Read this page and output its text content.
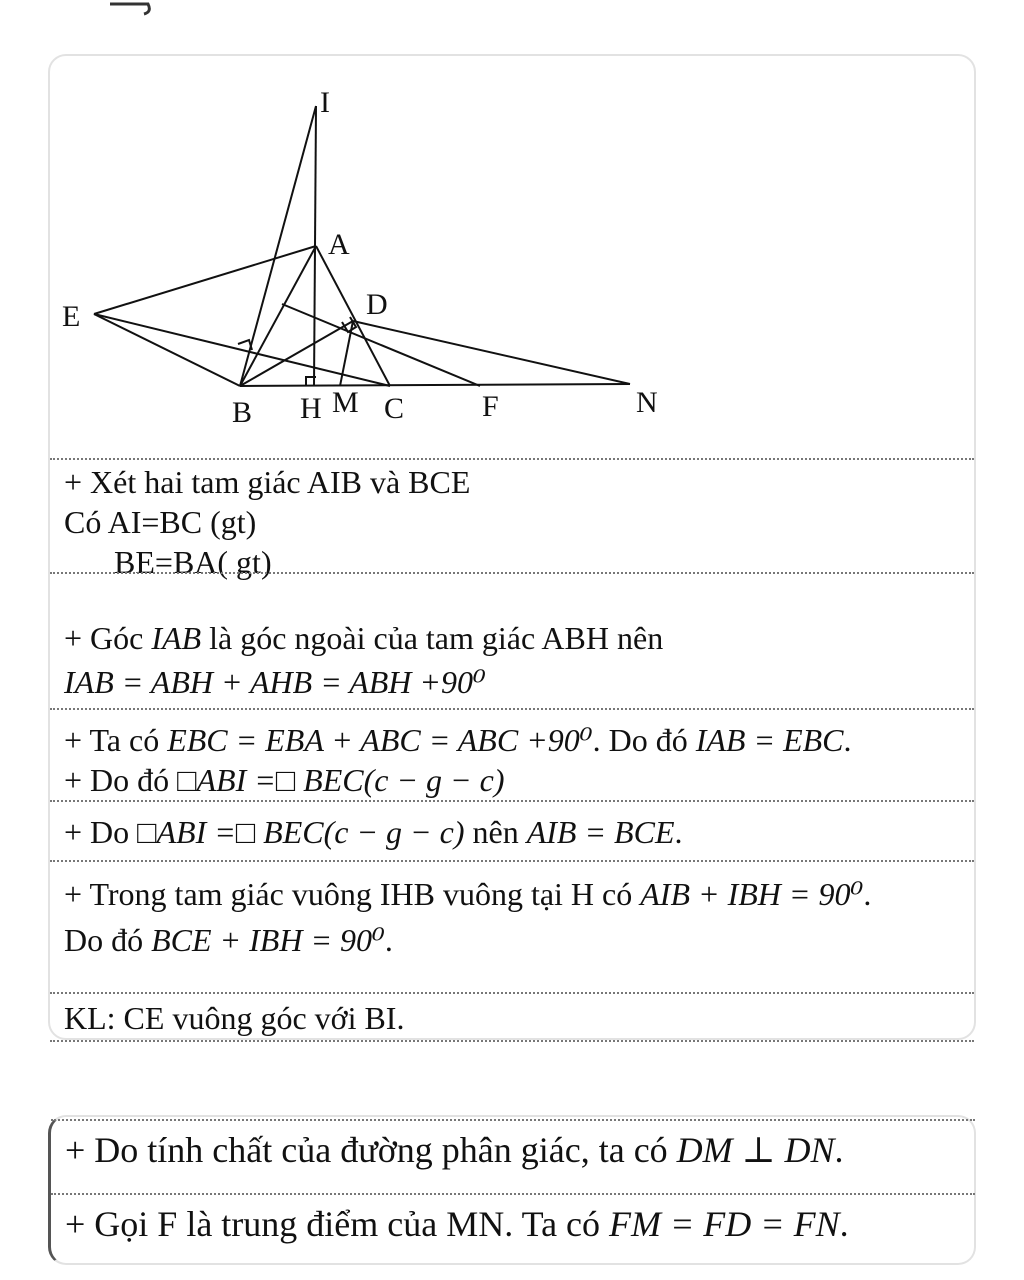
I
A
D
E
B H M C	F	N
+ Xét hai tam giác AIB và BCE
Có AI=BC (gt)
BE=BA( gt)
+ Góc IAB là góc ngoài của tam giác ABH nên
IAB = ABH + AHB = ABH +90⁰
+ Ta có EBC = EBA + ABC = ABC +90⁰. Do đó IAB = EBC.
+ Do đó □ABI =□ BEC(c − g − c)
+ Do □ABI =□ BEC(c − g − c) nên AIB = BCE.
+ Trong tam giác vuông IHB vuông tại H có AIB + IBH = 90⁰.
Do đó BCE + IBH = 90⁰.
KL: CE vuông góc với BI.
+ Do tính chất của đường phân giác, ta có DM ⊥ DN.
+ Gọi F là trung điểm của MN. Ta có FM = FD = FN.
